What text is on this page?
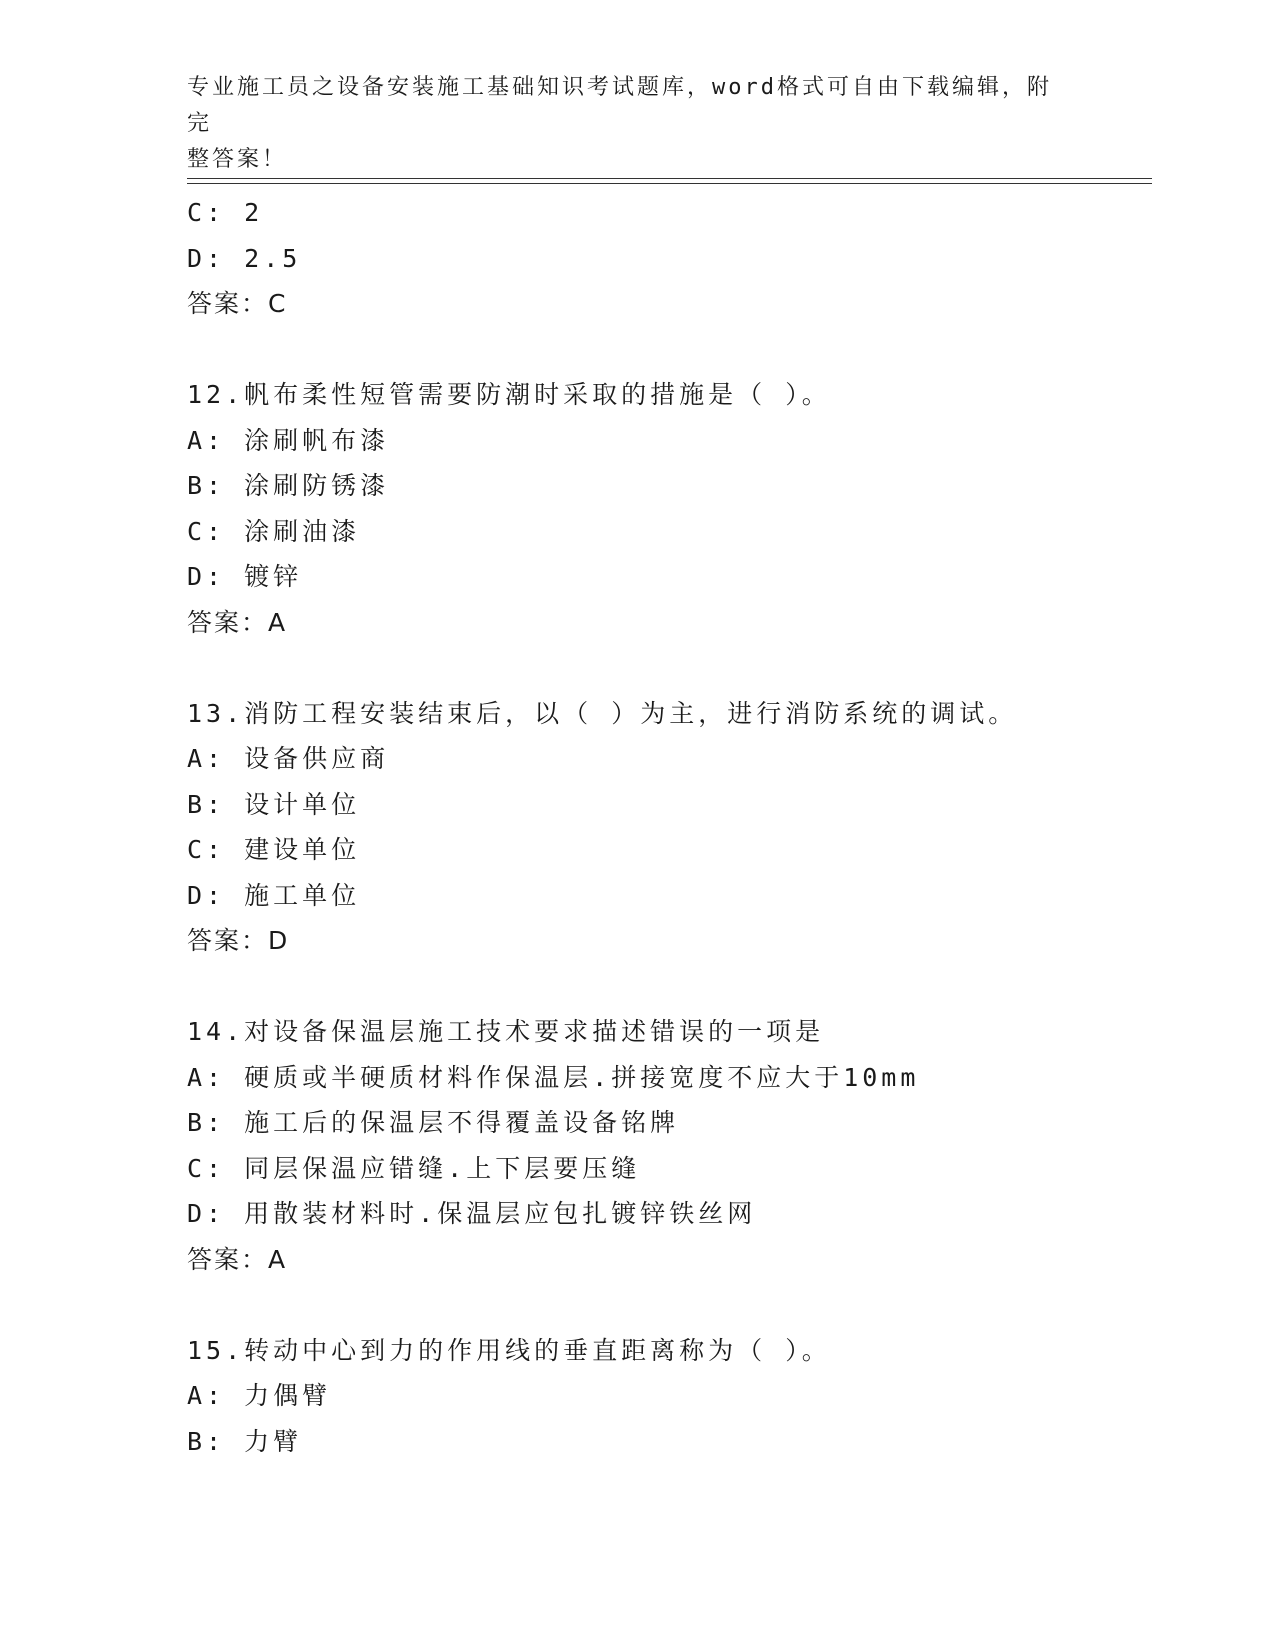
专业施工员之设备安装施工基础知识考试题库，word格式可自由下载编辑，附完
整答案！
C: 2
D: 2.5
答案：C
12.帆布柔性短管需要防潮时采取的措施是（ ）。
A: 涂刷帆布漆
B: 涂刷防锈漆
C: 涂刷油漆
D: 镀锌
答案：A
13.消防工程安装结束后，以（ ）为主，进行消防系统的调试。
A: 设备供应商
B: 设计单位
C: 建设单位
D: 施工单位
答案：D
14.对设备保温层施工技术要求描述错误的一项是
A: 硬质或半硬质材料作保温层.拼接宽度不应大于10mm
B: 施工后的保温层不得覆盖设备铭牌
C: 同层保温应错缝.上下层要压缝
D: 用散装材料时.保温层应包扎镀锌铁丝网
答案：A
15.转动中心到力的作用线的垂直距离称为（ ）。
A: 力偶臂
B: 力臂
